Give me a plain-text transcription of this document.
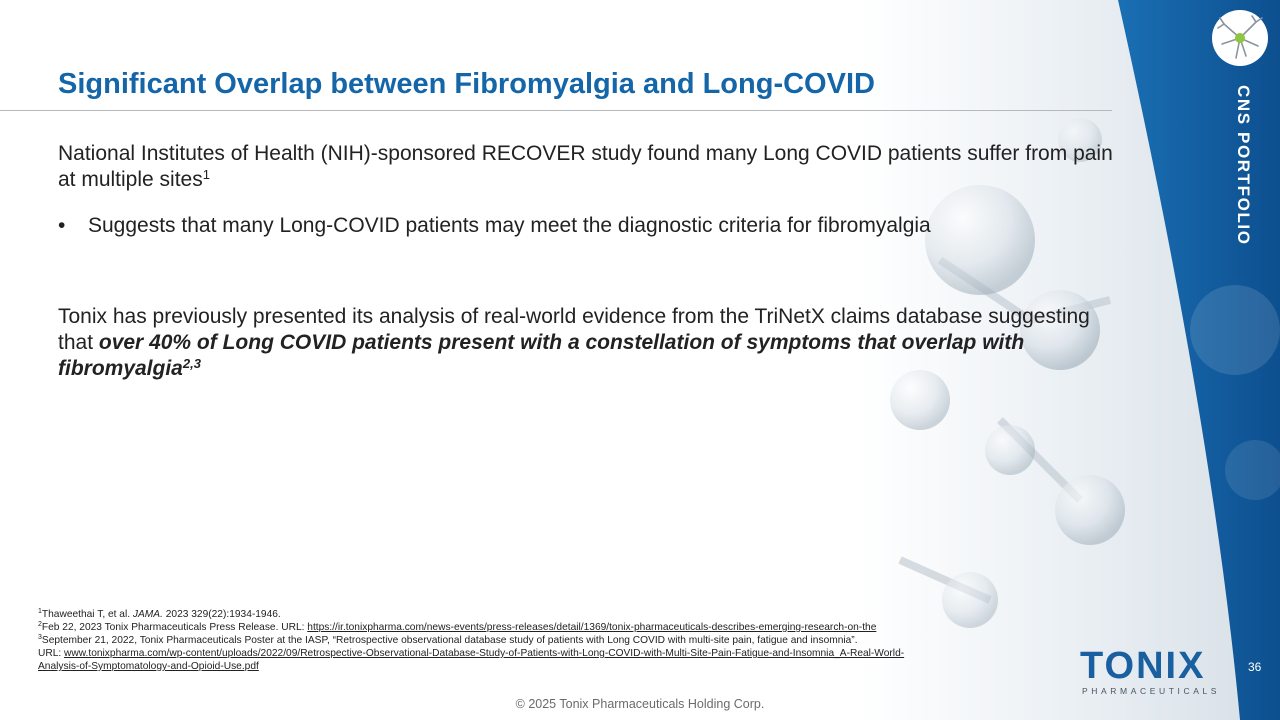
CNS PORTFOLIO
Significant Overlap between Fibromyalgia and Long-COVID
National Institutes of Health (NIH)-sponsored RECOVER study found many Long COVID patients suffer from pain at multiple sites$^1$
• Suggests that many Long-COVID patients may meet the diagnostic criteria for fibromyalgia
Tonix has previously presented its analysis of real-world evidence from the TriNetX claims database suggesting that over 40% of Long COVID patients present with a constellation of symptoms that overlap with fibromyalgia$^{2,3}$
$^1$Thaweethai T, et al. JAMA. 2023 329(22):1934-1946.
$^2$Feb 22, 2023 Tonix Pharmaceuticals Press Release. URL: https://ir.tonixpharma.com/news-events/press-releases/detail/1369/tonix-pharmaceuticals-describes-emerging-research-on-the
$^3$September 21, 2022, Tonix Pharmaceuticals Poster at the IASP, “Retrospective observational database study of patients with Long COVID with multi-site pain, fatigue and insomnia”.
URL: www.tonixpharma.com/wp-content/uploads/2022/09/Retrospective-Observational-Database-Study-of-Patients-with-Long-COVID-with-Multi-Site-Pain-Fatigue-and-Insomnia_A-Real-World-
Analysis-of-Symptomatology-and-Opioid-Use.pdf	TONIX
PHARMACEUTICALS
36
© 2025 Tonix Pharmaceuticals Holding Corp.
